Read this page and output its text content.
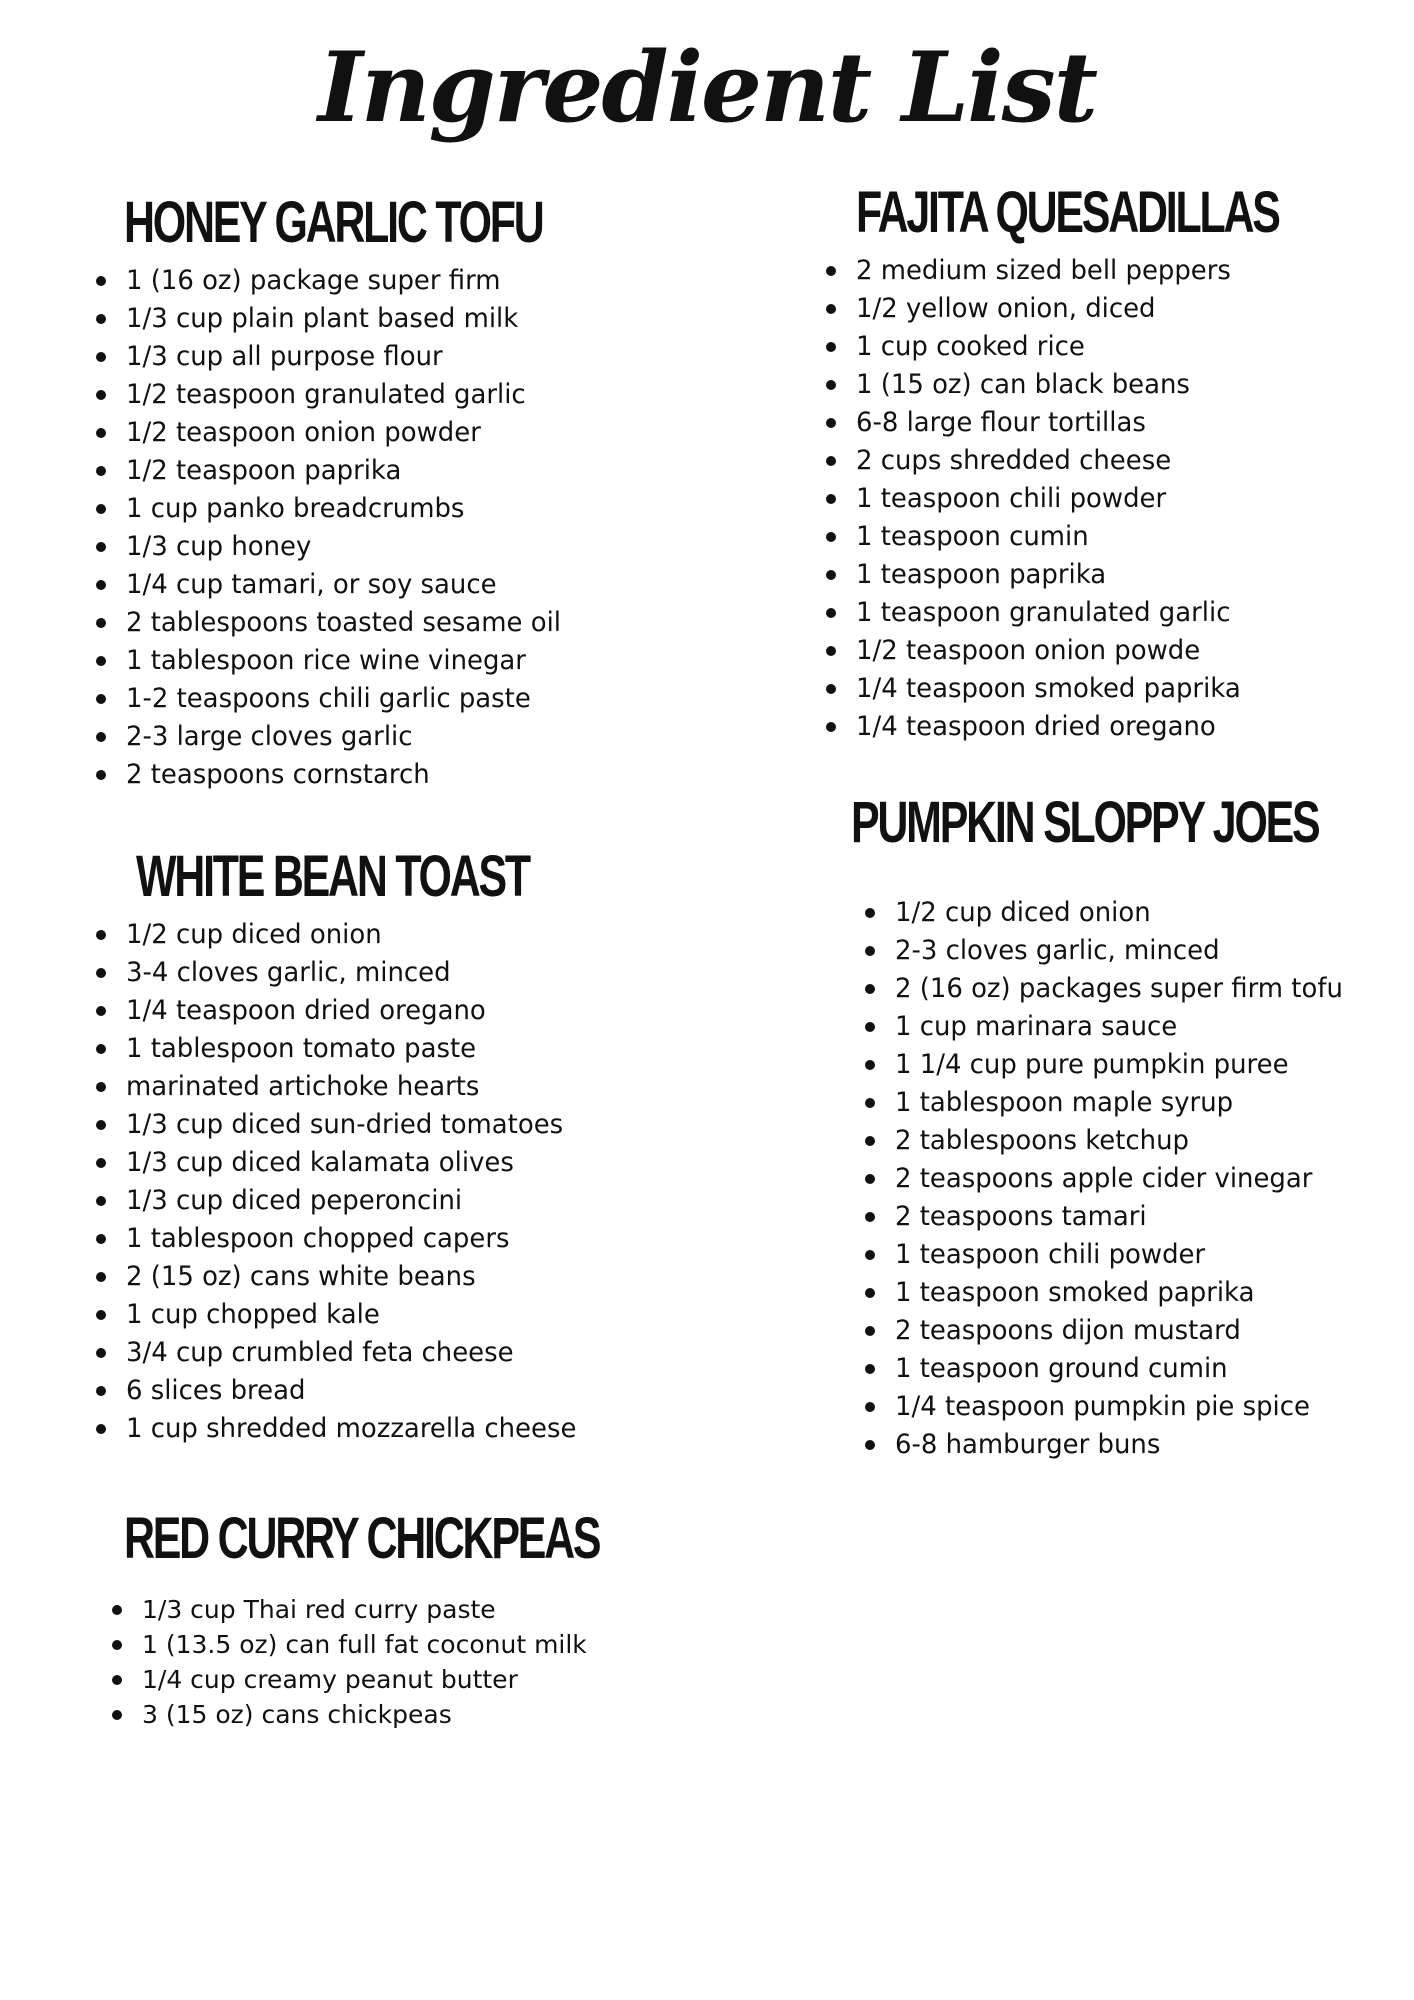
Ingredient List
HONEY GARLIC TOFU
1 (16 oz) package super firm
1/3 cup plain plant based milk
1/3 cup all purpose flour
1/2 teaspoon granulated garlic
1/2 teaspoon onion powder
1/2 teaspoon paprika
1 cup panko breadcrumbs
1/3 cup honey
1/4 cup tamari, or soy sauce
2 tablespoons toasted sesame oil
1 tablespoon rice wine vinegar
1-2 teaspoons chili garlic paste
2-3 large cloves garlic
2 teaspoons cornstarch
FAJITA QUESADILLAS
2 medium sized bell peppers
1/2 yellow onion, diced
1 cup cooked rice
1 (15 oz) can black beans
6-8 large flour tortillas
2 cups shredded cheese
1 teaspoon chili powder
1 teaspoon cumin
1 teaspoon paprika
1 teaspoon granulated garlic
1/2 teaspoon onion powde
1/4 teaspoon smoked paprika
1/4 teaspoon dried oregano
WHITE BEAN TOAST
1/2 cup diced onion
3-4 cloves garlic, minced
1/4 teaspoon dried oregano
1 tablespoon tomato paste
marinated artichoke hearts
1/3 cup diced sun-dried tomatoes
1/3 cup diced kalamata olives
1/3 cup diced peperoncini
1 tablespoon chopped capers
2 (15 oz) cans white beans
1 cup chopped kale
3/4 cup crumbled feta cheese
6 slices bread
1 cup shredded mozzarella cheese
PUMPKIN SLOPPY JOES
1/2 cup diced onion
2-3 cloves garlic, minced
2 (16 oz) packages super firm tofu
1 cup marinara sauce
1 1/4 cup pure pumpkin puree
1 tablespoon maple syrup
2 tablespoons ketchup
2 teaspoons apple cider vinegar
2 teaspoons tamari
1 teaspoon chili powder
1 teaspoon smoked paprika
2 teaspoons dijon mustard
1 teaspoon ground cumin
1/4 teaspoon pumpkin pie spice
6-8 hamburger buns
RED CURRY CHICKPEAS
1/3 cup Thai red curry paste
1 (13.5 oz) can full fat coconut milk
1/4 cup creamy peanut butter
3 (15 oz) cans chickpeas
